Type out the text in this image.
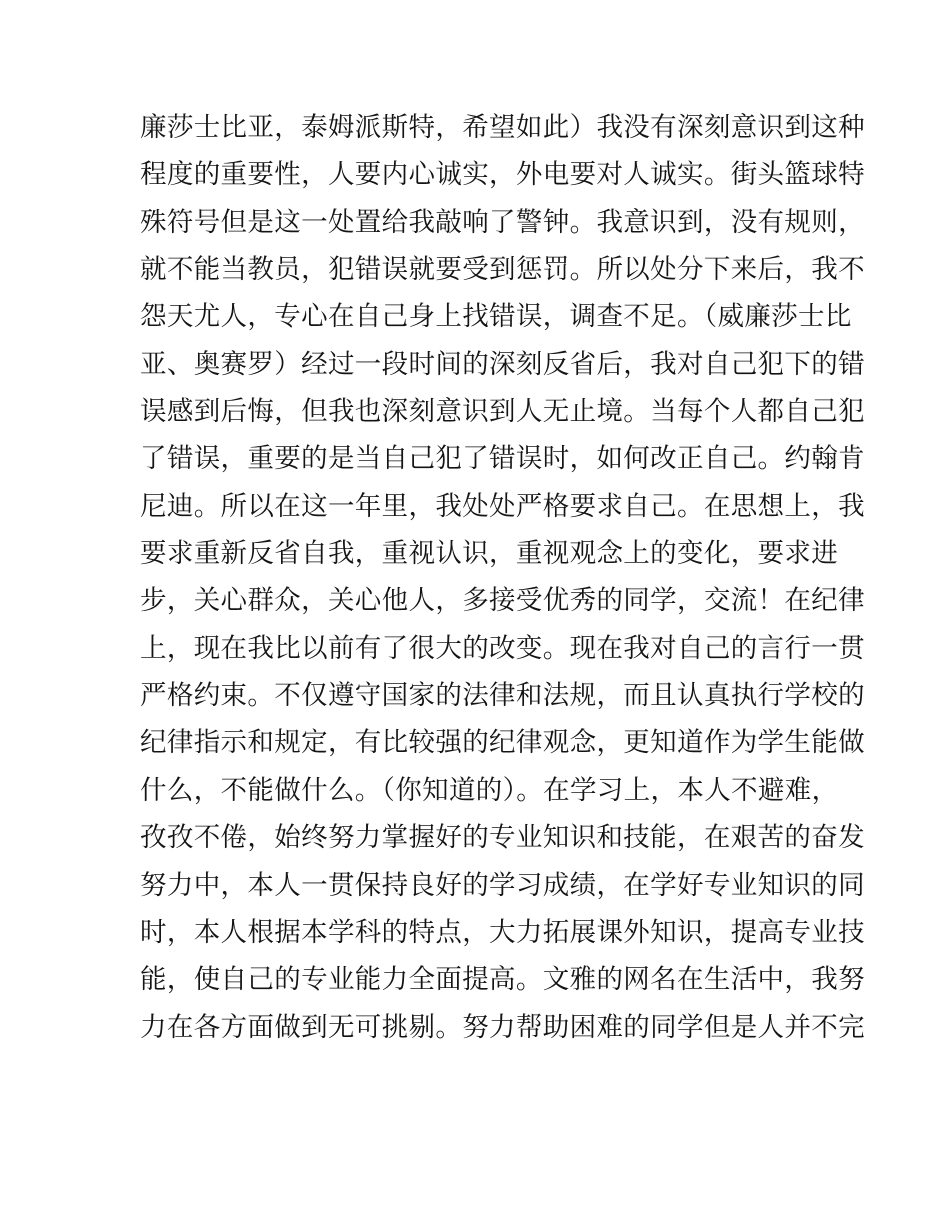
廉莎士比亚，泰姆派斯特，希望如此）我没有深刻意识到这种
程度的重要性，人要内心诚实，外电要对人诚实。街头篮球特
殊符号但是这一处置给我敲响了警钟。我意识到，没有规则，
就不能当教员，犯错误就要受到惩罚。所以处分下来后，我不
怨天尤人，专心在自己身上找错误，调查不足。（威廉莎士比
亚、奥赛罗）经过一段时间的深刻反省后，我对自己犯下的错
误感到后悔，但我也深刻意识到人无止境。当每个人都自己犯
了错误，重要的是当自己犯了错误时，如何改正自己。约翰肯
尼迪。所以在这一年里，我处处严格要求自己。在思想上，我
要求重新反省自我，重视认识，重视观念上的变化，要求进
步，关心群众，关心他人，多接受优秀的同学，交流！在纪律
上，现在我比以前有了很大的改变。现在我对自己的言行一贯
严格约束。不仅遵守国家的法律和法规，而且认真执行学校的
纪律指示和规定，有比较强的纪律观念，更知道作为学生能做
什么，不能做什么。（你知道的）。在学习上，本人不避难，
孜孜不倦，始终努力掌握好的专业知识和技能，在艰苦的奋发
努力中，本人一贯保持良好的学习成绩，在学好专业知识的同
时，本人根据本学科的特点，大力拓展课外知识，提高专业技
能，使自己的专业能力全面提高。文雅的网名在生活中，我努
力在各方面做到无可挑剔。努力帮助困难的同学但是人并不完
